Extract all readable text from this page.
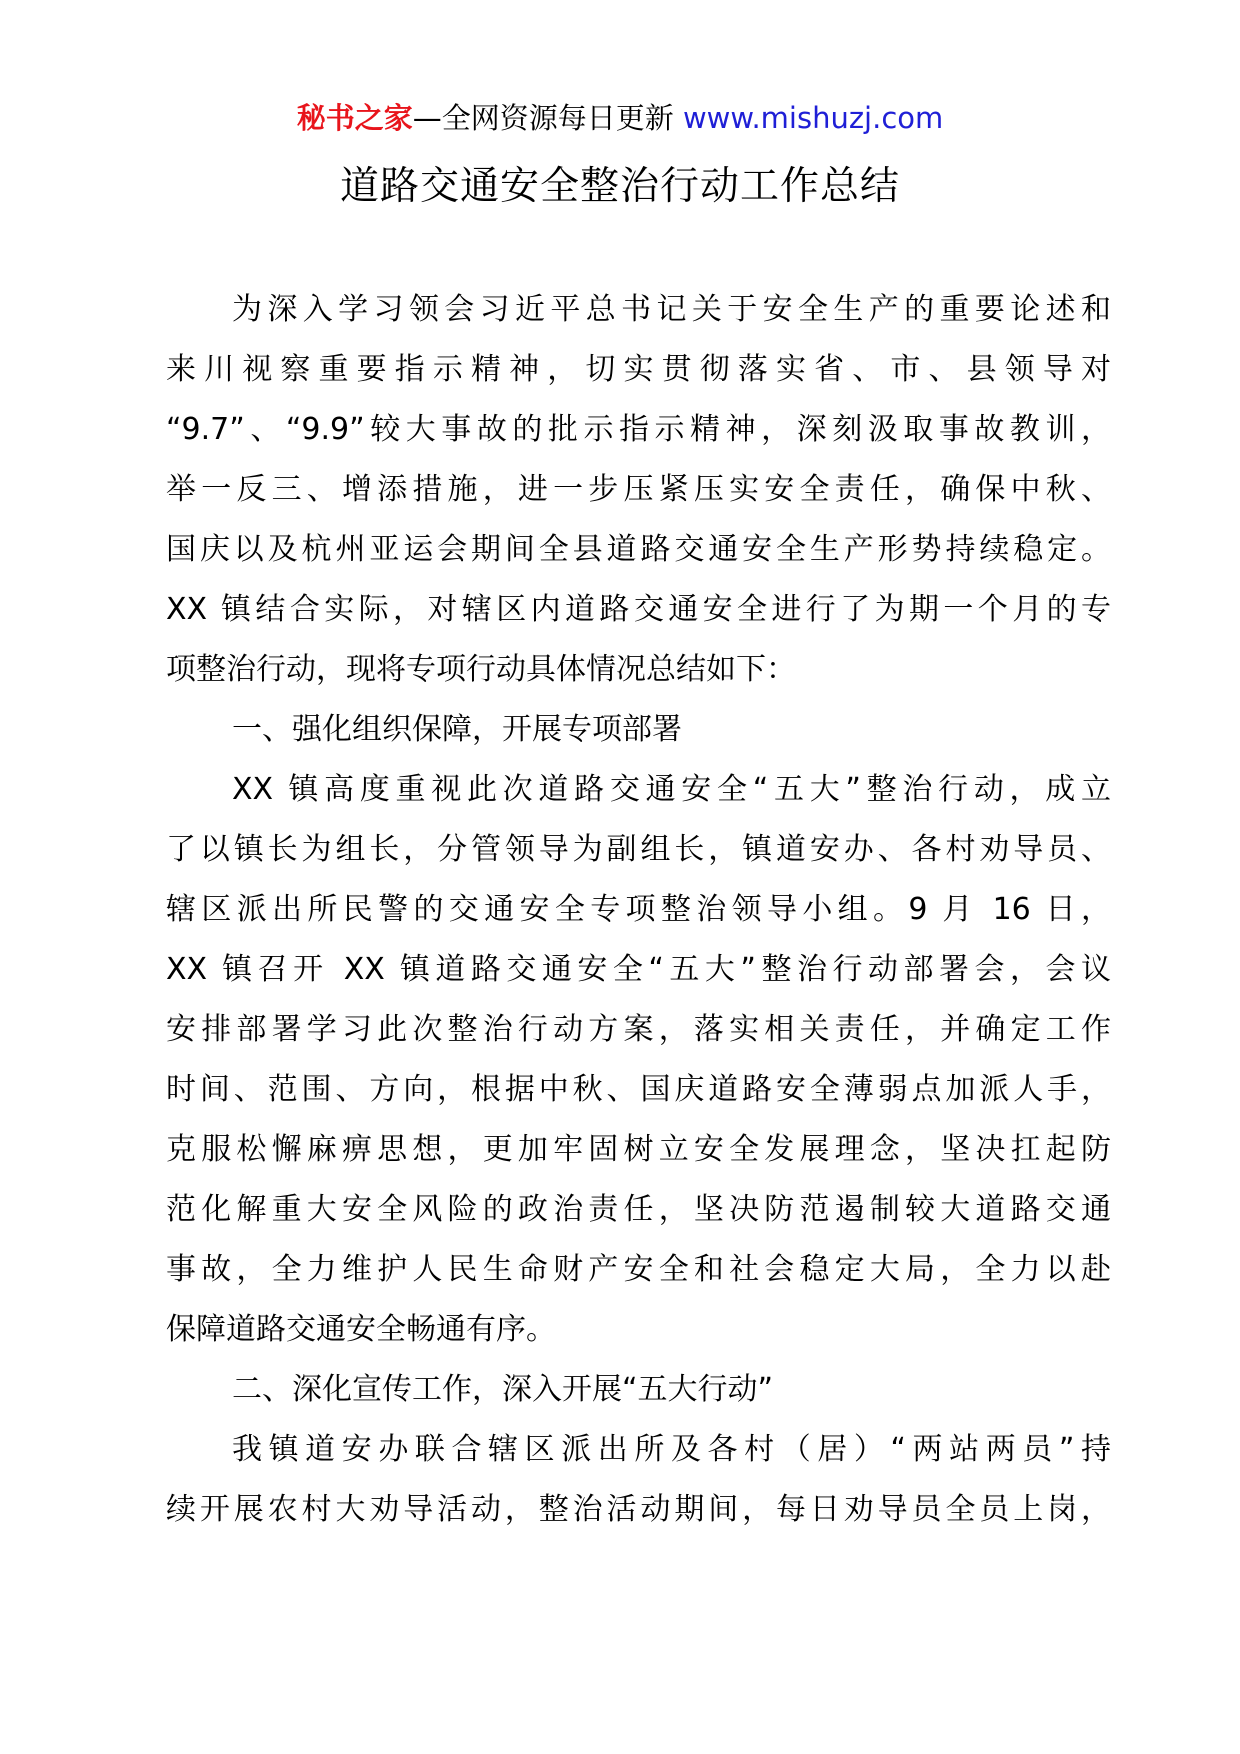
秘书之家—全网资源每日更新 www.mishuzj.com
道路交通安全整治行动工作总结
为深入学习领会习近平总书记关于安全生产的重要论述和
来川视察重要指示精神，切实贯彻落实省、市、县领导对
“9.7”、“9.9”较大事故的批示指示精神，深刻汲取事故教训，
举一反三、增添措施，进一步压紧压实安全责任，确保中秋、
国庆以及杭州亚运会期间全县道路交通安全生产形势持续稳定。
XX 镇结合实际，对辖区内道路交通安全进行了为期一个月的专
项整治行动，现将专项行动具体情况总结如下：
一、强化组织保障，开展专项部署
XX 镇高度重视此次道路交通安全“五大”整治行动，成立
了以镇长为组长，分管领导为副组长，镇道安办、各村劝导员、
辖区派出所民警的交通安全专项整治领导小组。9 月 16 日，
XX 镇召开 XX 镇道路交通安全“五大”整治行动部署会，会议
安排部署学习此次整治行动方案，落实相关责任，并确定工作
时间、范围、方向，根据中秋、国庆道路安全薄弱点加派人手，
克服松懈麻痹思想，更加牢固树立安全发展理念，坚决扛起防
范化解重大安全风险的政治责任，坚决防范遏制较大道路交通
事故，全力维护人民生命财产安全和社会稳定大局，全力以赴
保障道路交通安全畅通有序。
二、深化宣传工作，深入开展“五大行动”
我镇道安办联合辖区派出所及各村（居）“两站两员”持
续开展农村大劝导活动，整治活动期间，每日劝导员全员上岗，
